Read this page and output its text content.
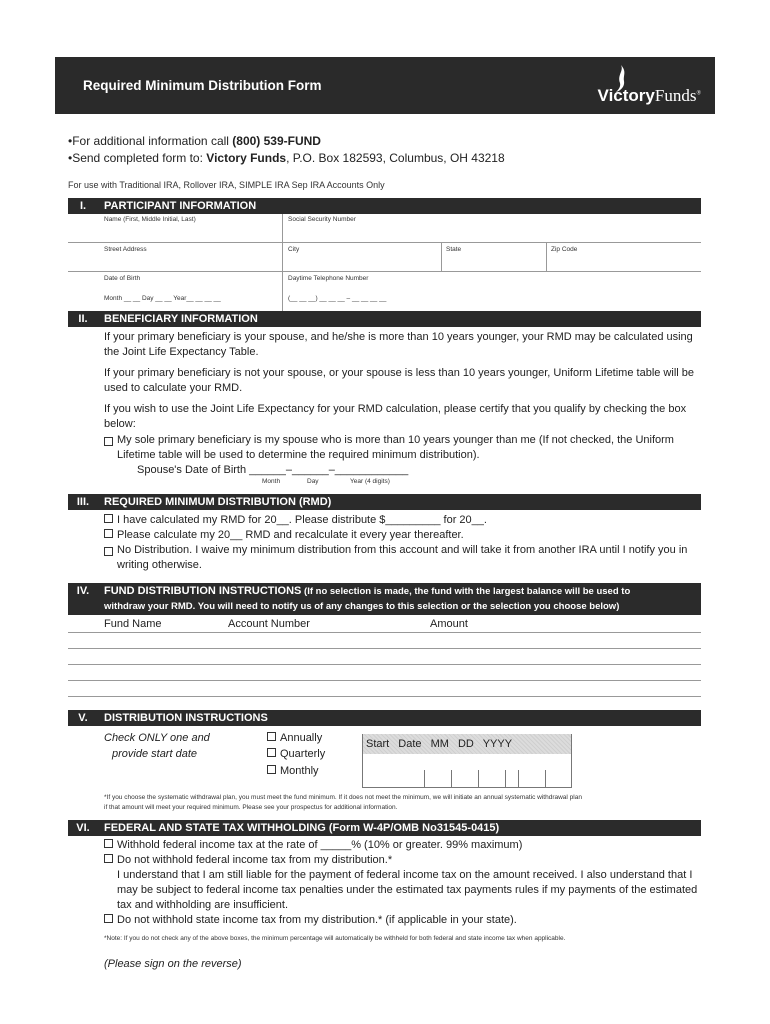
Required Minimum Distribution Form
VictoryFunds®
•For additional information call (800) 539-FUND
•Send completed form to: Victory Funds, P.O. Box 182593, Columbus, OH 43218
For use with Traditional IRA, Rollover IRA, SIMPLE IRA Sep IRA Accounts Only
I.	PARTICIPANT INFORMATION
Name (First, Middle Initial, Last)	Social Security Number
Street Address	City	State	Zip Code
Date of Birth	Daytime Telephone Number
Month __ __ Day __ __ Year__ __ __ __	(__ __ __) __ __ __ – __ __ __ __
II.	BENEFICIARY INFORMATION
If your primary beneficiary is your spouse, and he/she is more than 10 years younger, your RMD may be calculated using the Joint Life Expectancy Table.
If your primary beneficiary is not your spouse, or your spouse is less than 10 years younger, Uniform Lifetime table will be used to calculate your RMD.
If you wish to use the Joint Life Expectancy for your RMD calculation, please certify that you qualify by checking the box below:
My sole primary beneficiary is my spouse who is more than 10 years younger than me (If not checked, the Uniform Lifetime table will be used to determine the required minimum distribution).
Spouse's Date of Birth ______–______–____________
Month	Day	Year (4 digits)
III.	REQUIRED MINIMUM DISTRIBUTION (RMD)
I have calculated my RMD for 20__. Please distribute $_________ for 20__.
Please calculate my 20__ RMD and recalculate it every year thereafter.
No Distribution. I waive my minimum distribution from this account and will take it from another IRA until I notify you in writing otherwise.
IV.	FUND DISTRIBUTION INSTRUCTIONS (If no selection is made, the fund with the largest balance will be used to
withdraw your RMD. You will need to notify us of any changes to this selection or the selection you choose below)
Fund Name	Account Number	Amount
V.	DISTRIBUTION INSTRUCTIONS
Check ONLY one and
provide start date
Annually
Quarterly
Monthly
Start Date MM DD YYYY
*If you choose the systematic withdrawal plan, you must meet the fund minimum. If it does not meet the minimum, we will initiate an annual systematic withdrawal plan
if that amount will meet your required minimum. Please see your prospectus for additional information.
VI.	FEDERAL AND STATE TAX WITHHOLDING (Form W-4P/OMB No31545-0415)
Withhold federal income tax at the rate of _____% (10% or greater. 99% maximum)
Do not withhold federal income tax from my distribution.*
I understand that I am still liable for the payment of federal income tax on the amount received. I also understand that I may be subject to federal income tax penalties under the estimated tax payments rules if my payments of the estimated tax and withholding are insufficient.
Do not withhold state income tax from my distribution.* (if applicable in your state).
*Note: If you do not check any of the above boxes, the minimum percentage will automatically be withheld for both federal and state income tax when applicable.
(Please sign on the reverse)
